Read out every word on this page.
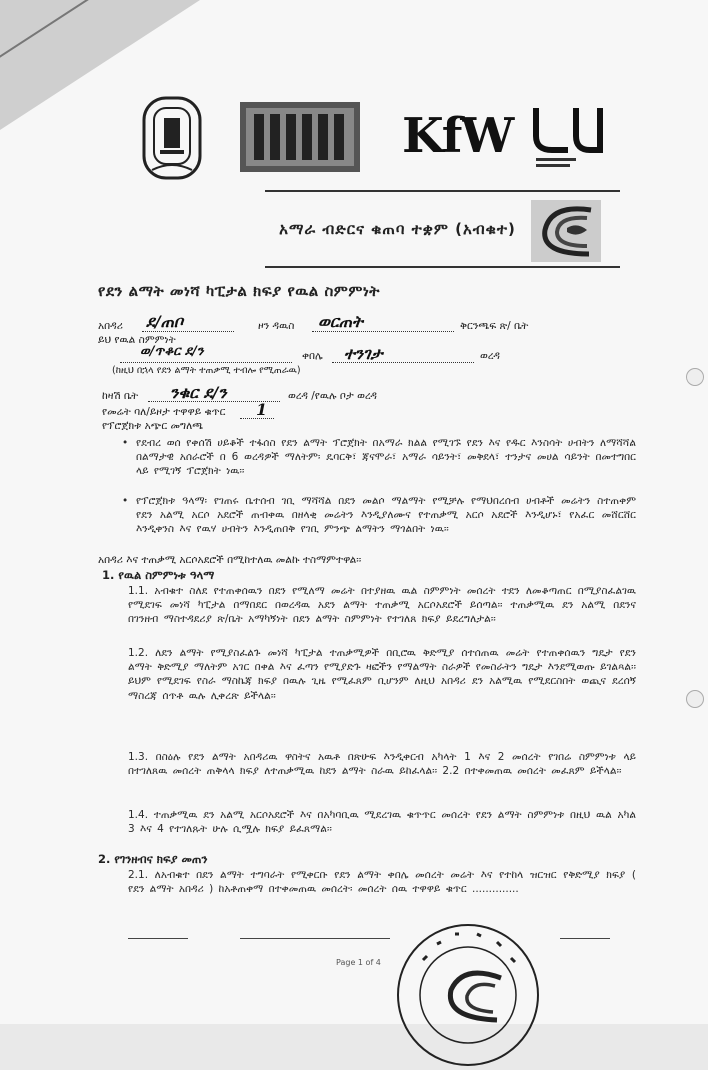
KfW
አማራ ብድርና ቁጠባ ተቋም (አብቁተ)
የደን ልማት መነሻ ካፒታል ክፍያ የዉል ስምምነት
አበዳሪ ደ/ጠቦ	ዞን ዳዉስ ወርጠት	ቅርንጫፍ ጽ/ ቤት
ይህ የዉል ስምምነት
ወ/ጥቆር ደ/ን	ቀበሌ ተንገታ	ወረዳ
(ከዚህ በኋላ የደን ልማት ተጠቃሚ ተብሎ የሚጠራዉ)
ከዛሽ ቤት ንቁር ደ/ን	ወረዳ /የዉሉ ቦታ ወረዳ
የመሬት ባለ/ይዞታ ተዋዋይ ቁጥር 1
የፕሮጀክቱ አጭር መግለጫ
• የደብረ ወሰ የቀሰሽ ሀይቆች ተፋሰስ የደን ልማት ፕሮጀክት በአማራ ክልል የሚገኙ የደን እና የዱር እንስሳት ሀብትን ለማሻሻል በልማታዊ አሰራሮች በ 6 ወረዳዎች ማለትም፡ ዴባርቅ፣ ጃናሞራ፣ አማራ ሳይንት፣ መቅደላ፣ ተንታና መሀል ሳይንት በመተግበር ላይ የሚገኝ ፕሮጀክት ነዉ፡፡
• የፕሮጀክቱ ዓላማ፡ የገጠሩ ቤተሰብ ገቢ ማሻሻል በደን መልሶ ማልማት የሚቻሉ የማህበረሰብ ሀብቶች መሬትን ስተጠቀም የደን አልሚ አርሶ አደሮች ጠብቀዉ በዘላቂ መሬትን እንዲያለሙና የተጠቃሚ አርሶ አደሮች እንዲሆኑ፣ የአፈር መሸርሸር እንዲቀንስ እና የዉሃ ሀብትን እንዲጠበቅ የገቢ ምንጭ ልማትን ማጎልበት ነዉ፡፡
አበዳሪ እና ተጠቃሚ አርሶአደሮች በሚከተለዉ መልኩ ተስማምተዋል፡፡
1. የዉል ስምምነቱ ዓላማ
1.1. አብቁተ ስለደ የተጠቀሰዉን በደን የሚለማ መሬት በተያዘዉ ዉል ስምምነት መሰረት ተደን ለመቆጣጠር በሚያስፈልገዉ የሚደገፍ መነሻ ካፒታል በማበደር በወረዳዉ አደን ልማት ተጠቃሚ አርሶአደሮች ይሰጣል፡፡ ተጠቃሚዉ ደን አልሚ በደንና በገንዘብ ማስተዳደሪያ ጽ/ቤት አማካኝነት በደን ልማት ስምምነት የተገለጸ ክፍያ ይደረግለታል፡፡
1.2. ለደን ልማት የሚያስፈልጉ መነሻ ካፒታል ተጠቃሚዎች በቢሮዉ ቅድሚያ ሰተሰጠዉ መሬት የተጠቀሰዉን ግዴታ የደን ልማት ቅድሚያ ማለትም አገር በቀል እና ፈጣን የሚያድጉ ዛፎችን የማልማት ስራዎች የመስራትን ግዴታ እንደሚወጡ ይገልጻል፡፡ ይህም የሚደገፍ የስራ ማስኬጃ ክፍያ በዉሉ ጊዜ የሚፈጸም ቢሆንም ለዚህ አበዳሪ ደን አልሚዉ የሚደርስበት ወጪና ደረሰኝ ማስረጃ ሰጥቶ ዉሉ ሊቀረጽ ይችላል፡፡
1.3. በስዕሉ የደን ልማት አበዳሪዉ ዋስትና አዉቶ በጽሁፍ እንዲቀርብ አካላት 1 እና 2 መሰረት የገበሬ ስምምነቱ ላይ በተገለጸዉ መሰረት ጠቅላላ ክፍያ ለተጠቃሚዉ ከደን ልማት ስራዉ ይከፈላል፡፡ 2.2 በተቀመጠዉ መሰረት መፈጸም ይችላል፡፡
1.4. ተጠቃሚዉ ደን አልሚ አርሶአደሮች እና በአካባቢዉ ሚደረገዉ ቁጥጥር መሰረት የደን ልማት ስምምነቱ በዚህ ዉል አካል 3 እና 4 የተገለጹት ሁሉ ሲሟሉ ክፍያ ይፈጸማል፡፡
2. የገንዘብና ክፍያ መጠን
2.1. ለአብቁተ በደን ልማት ተግባራት የሚቀርቡ የደን ልማት ቀበሌ መሰረት መሬት እና የተከላ ዝርዝር የቅድሚያ ክፍያ ( የደን ልማት አበዳሪ ) ከአቶጠቀማ በተቀመጠዉ መሰረት፡ መሰረት ሰዉ ተዋዋይ ቁጥር ..............
Page 1 of 4
